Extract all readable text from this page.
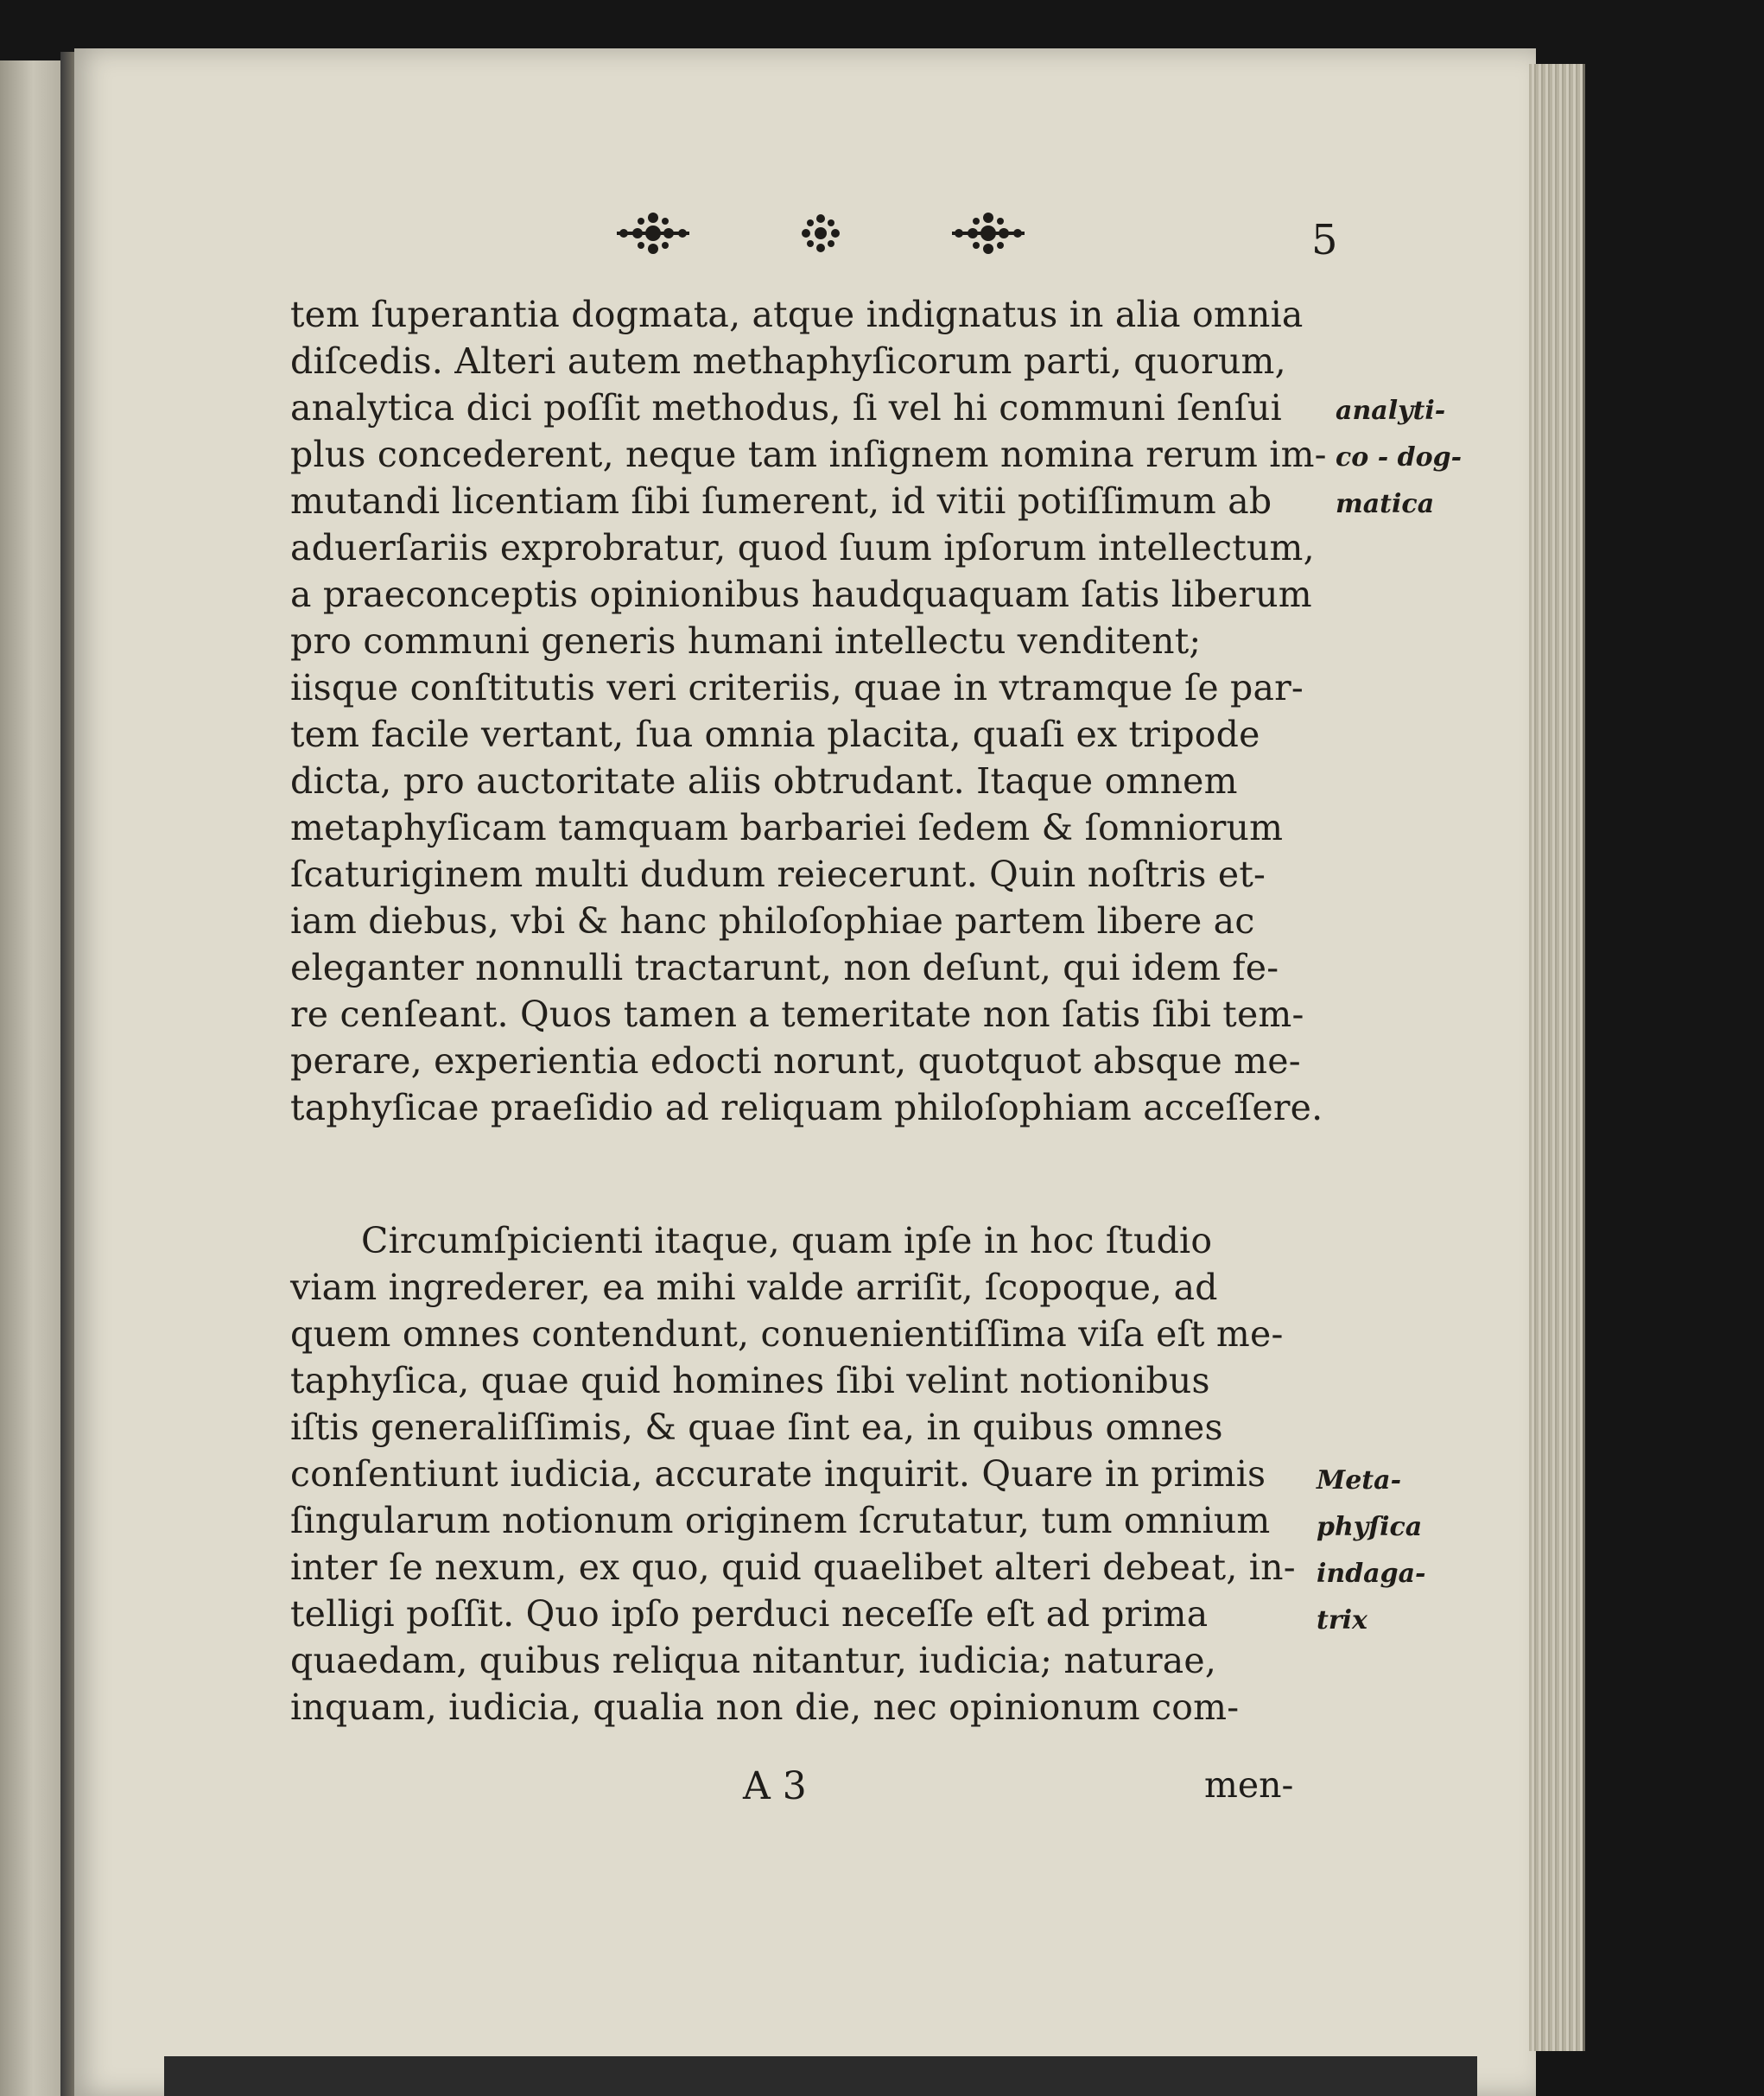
5
tem ſuperantia dogmata, atque indignatus in alia omnia
diſcedis. Alteri autem methaphyſicorum parti, quorum,
analytica dici poſſit methodus, ſi vel hi communi ſenſui
plus concederent, neque tam inſignem nomina rerum im-
mutandi licentiam ſibi ſumerent, id vitii potiſſimum ab
aduerſariis exprobratur, quod ſuum ipſorum intellectum,
a praeconceptis opinionibus haudquaquam ſatis liberum
pro communi generis humani intellectu venditent;
iisque conſtitutis veri criteriis, quae in vtramque ſe par-
tem facile vertant, ſua omnia placita, quaſi ex tripode
dicta, pro auctoritate aliis obtrudant. Itaque omnem
metaphyſicam tamquam barbariei ſedem & ſomniorum
ſcaturiginem multi dudum reiecerunt. Quin noſtris et-
iam diebus, vbi & hanc philoſophiae partem libere ac
eleganter nonnulli tractarunt, non deſunt, qui idem fe-
re cenſeant. Quos tamen a temeritate non ſatis ſibi tem-
perare, experientia edocti norunt, quotquot absque me-
taphyſicae praeſidio ad reliquam philoſophiam acceſſere.
Circumſpicienti itaque, quam ipſe in hoc ſtudio
viam ingrederer, ea mihi valde arriſit, ſcopoque, ad
quem omnes contendunt, conuenientiſſima viſa eſt me-
taphyſica, quae quid homines ſibi velint notionibus
iſtis generaliſſimis, & quae ſint ea, in quibus omnes
conſentiunt iudicia, accurate inquirit. Quare in primis
ſingularum notionum originem ſcrutatur, tum omnium
inter ſe nexum, ex quo, quid quaelibet alteri debeat, in-
telligi poſſit. Quo ipſo perduci neceſſe eſt ad prima
quaedam, quibus reliqua nitantur, iudicia; naturae,
inquam, iudicia, qualia non die, nec opinionum com-
analyti-
co - dog-
matica
Meta-
phyſica
indaga-
trix
A 3	men-
